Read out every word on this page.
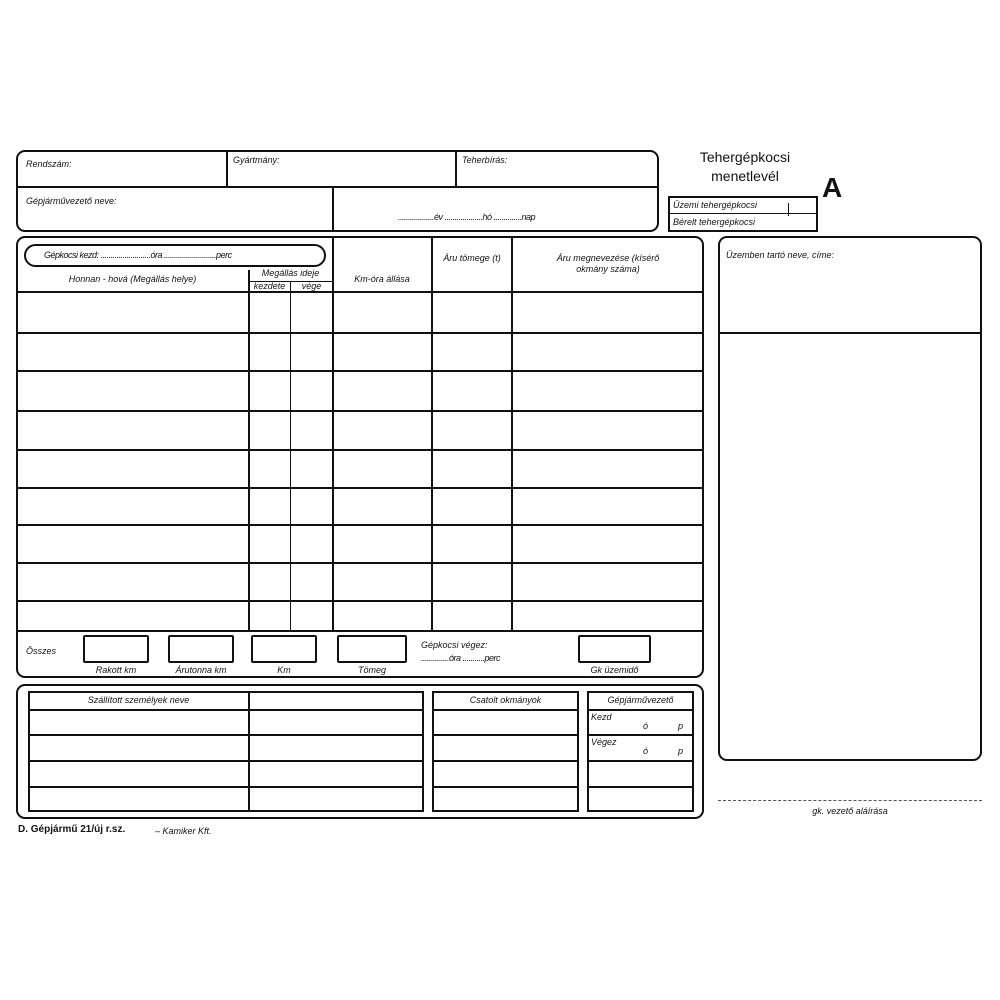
Tehergépkocsi
menetlevél	A
Üzemi tehergépkocsi
Bérelt tehergépkocsi
Rendszám:	Gyártmány:	Teherbírás:
Gépjárművezető neve:
..................év ...................hó ..............nap
Gépkocsi kezd: .........................óra ..........................perc
Honnan - hová (Megállás helye)
Megállás ideje
kezdete	vége
Km-óra állása
Áru tömege (t)	Áru megnevezése (kísérő okmány száma)
Összes
Rakott km	Árutonna km	Km	Tömeg	Gk üzemidő
Gépkocsi végez:
..............óra ...........perc
Szállított személyek neve	Csatolt okmányok	Gépjárművezető
Kezd
ó	p
Végez
ó	p
Üzemben tartó neve, címe:
gk. vezető aláírása
D. Gépjármű 21/új r.sz.	– Kamiker Kft.
